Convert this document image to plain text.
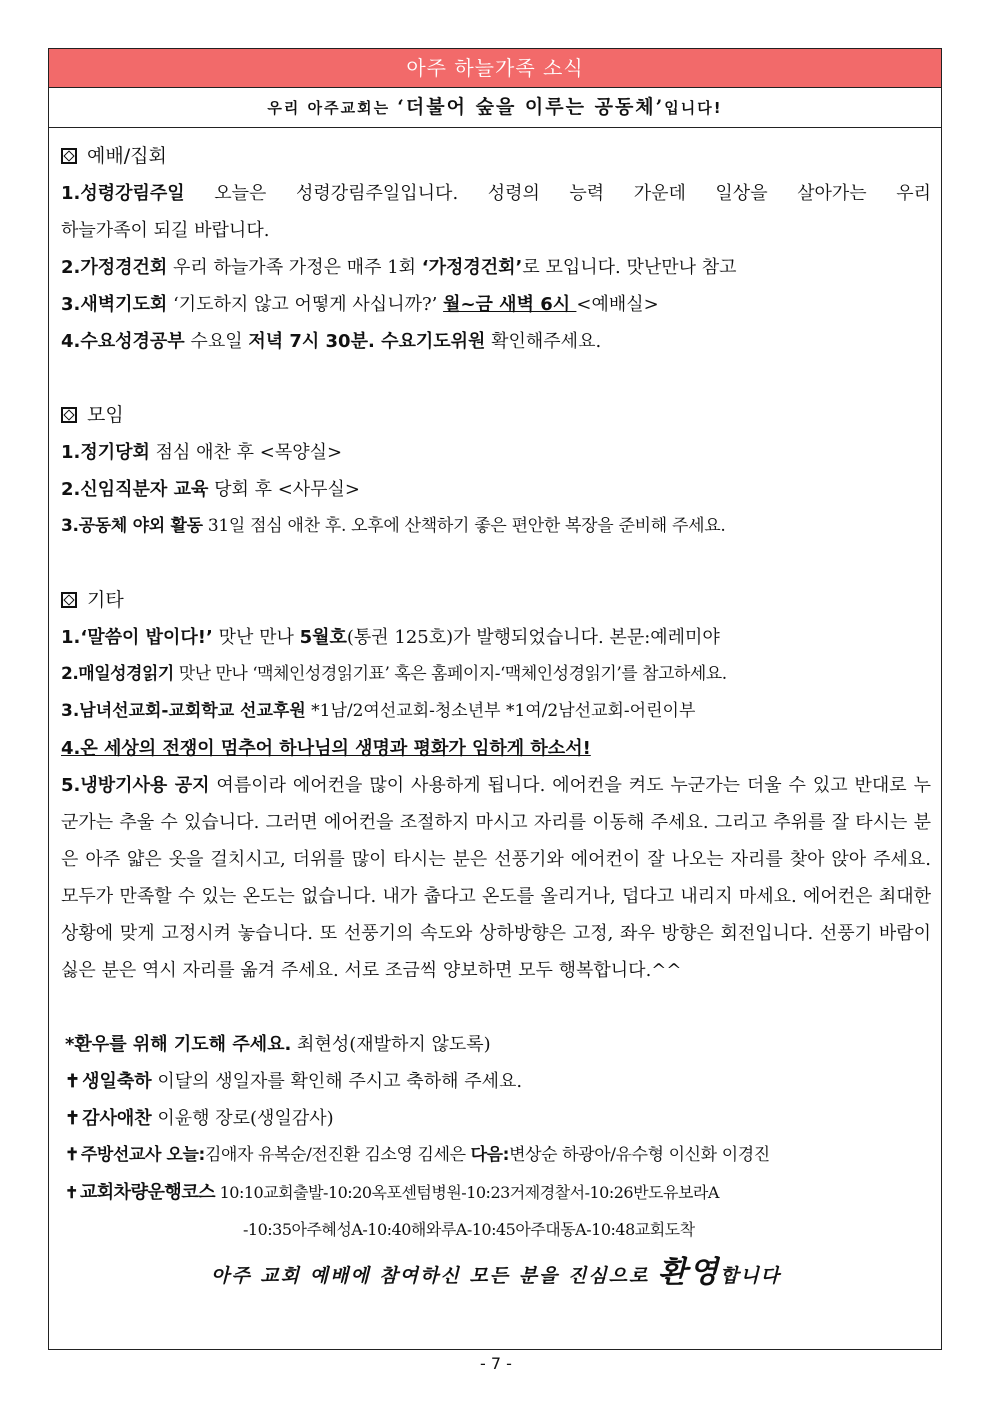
아주 하늘가족 소식
우리 아주교회는 ‘더불어 숲을 이루는 공동체’입니다!
예배/집회
1.성령강림주일 오늘은 성령강림주일입니다. 성령의 능력 가운데 일상을 살아가는 우리
하늘가족이 되길 바랍니다.
2.가정경건회 우리 하늘가족 가정은 매주 1회 ‘가정경건회’로 모입니다. 맛난만나 참고
3.새벽기도회 ‘기도하지 않고 어떻게 사십니까?’ 월~금 새벽 6시 <예배실>
4.수요성경공부 수요일 저녁 7시 30분. 수요기도위원 확인해주세요.
모임
1.정기당회 점심 애찬 후 <목양실>
2.신임직분자 교육 당회 후 <사무실>
3.공동체 야외 활동 31일 점심 애찬 후. 오후에 산책하기 좋은 편안한 복장을 준비해 주세요.
기타
1.‘말씀이 밥이다!’ 맛난 만나 5월호(통권 125호)가 발행되었습니다. 본문:예레미야
2.매일성경읽기 맛난 만나 ‘맥체인성경읽기표’ 혹은 홈페이지-‘맥체인성경읽기’를 참고하세요.
3.남녀선교회-교회학교 선교후원 *1남/2여선교회-청소년부 *1여/2남선교회-어린이부
4.온 세상의 전쟁이 멈추어 하나님의 생명과 평화가 임하게 하소서!
5.냉방기사용 공지 여름이라 에어컨을 많이 사용하게 됩니다. 에어컨을 켜도 누군가는 더울 수 있고 반대로 누군가는 추울 수 있습니다. 그러면 에어컨을 조절하지 마시고 자리를 이동해 주세요. 그리고 추위를 잘 타시는 분은 아주 얇은 옷을 걸치시고, 더위를 많이 타시는 분은 선풍기와 에어컨이 잘 나오는 자리를 찾아 앉아 주세요. 모두가 만족할 수 있는 온도는 없습니다. 내가 춥다고 온도를 올리거나, 덥다고 내리지 마세요. 에어컨은 최대한 상황에 맞게 고정시켜 놓습니다. 또 선풍기의 속도와 상하방향은 고정, 좌우 방향은 회전입니다. 선풍기 바람이 싫은 분은 역시 자리를 옮겨 주세요. 서로 조금씩 양보하면 모두 행복합니다.^^
*환우를 위해 기도해 주세요. 최현성(재발하지 않도록)
✝ 생일축하 이달의 생일자를 확인해 주시고 축하해 주세요.
✝ 감사애찬 이윤행 장로(생일감사)
✝ 주방선교사 오늘:김애자 유복순/전진환 김소영 김세은 다음:변상순 하광아/유수형 이신화 이경진
✝ 교회차량운행코스 10:10교회출발-10:20옥포센텀병원-10:23거제경찰서-10:26반도유보라A
-10:35아주혜성A-10:40해와루A-10:45아주대동A-10:48교회도착
아주 교회 예배에 참여하신 모든 분을 진심으로 환영합니다
- 7 -
